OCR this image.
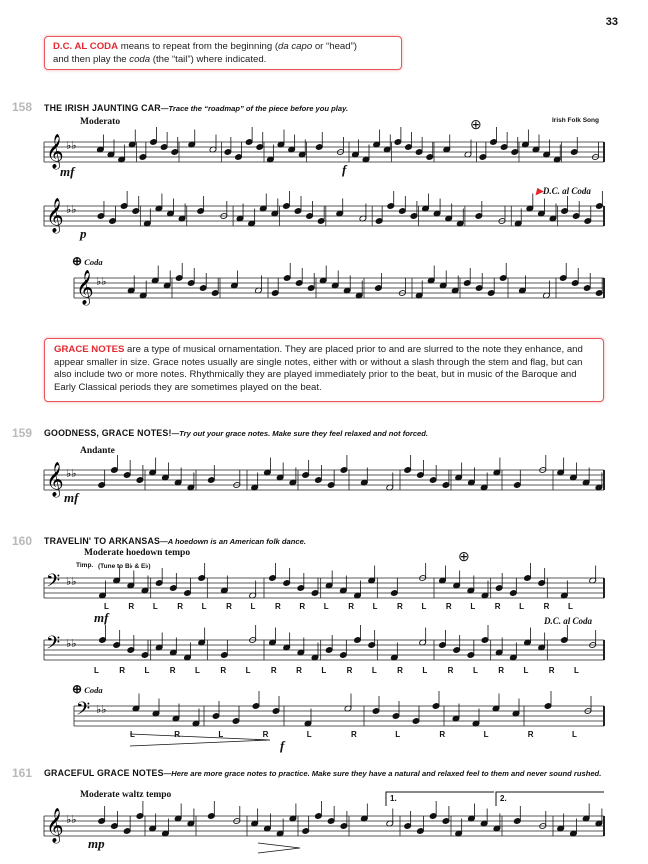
33
D.C. AL CODA means to repeat from the beginning (da capo or “head”)
and then play the coda (the “tail”) where indicated.
158 THE IRISH JAUNTING CAR—Trace the “roadmap” of the piece before you play.
Moderato	Irish Folk Song
mf	f
p
▶D.C. al Coda
⊕ Coda
⊕
GRACE NOTES are a type of musical ornamentation. They are placed prior to and are slurred to the note they enhance, and appear smaller in size. Grace notes usually are single notes, either with or without a slash through the stem and flag, but can also include two or more notes. Rhythmically they are played immediately prior to the beat, but in music of the Baroque and Early Classical periods they are sometimes played on the beat.
159 GOODNESS, GRACE NOTES!—Try out your grace notes. Make sure they feel relaxed and not forced.
Andante
mf
160 TRAVELIN' TO ARKANSAS—A hoedown is an American folk dance.
Moderate hoedown tempo
Timp. (Tune to B♭ & E♭)
mf	D.C. al Coda
⊕ Coda
⊕
f
L R L R L R L R R L R L R L R L R L R L
L	R L	R L	R L	R R L	R L	R L	R L	R L	R L
L	R	L	R	L	R	L	R	L	R	L
161 GRACEFUL GRACE NOTES—Here are more grace notes to practice. Make sure they have a natural and relaxed feel to them and never sound rushed.
Moderate waltz tempo
mp
1.	2.
𝄞 ♭♭
𝄞 ♭♭
𝄞 ♭♭
𝄞 ♭♭
𝄢 ♭♭
𝄢 ♭♭
𝄢 ♭♭
𝄞 ♭♭
